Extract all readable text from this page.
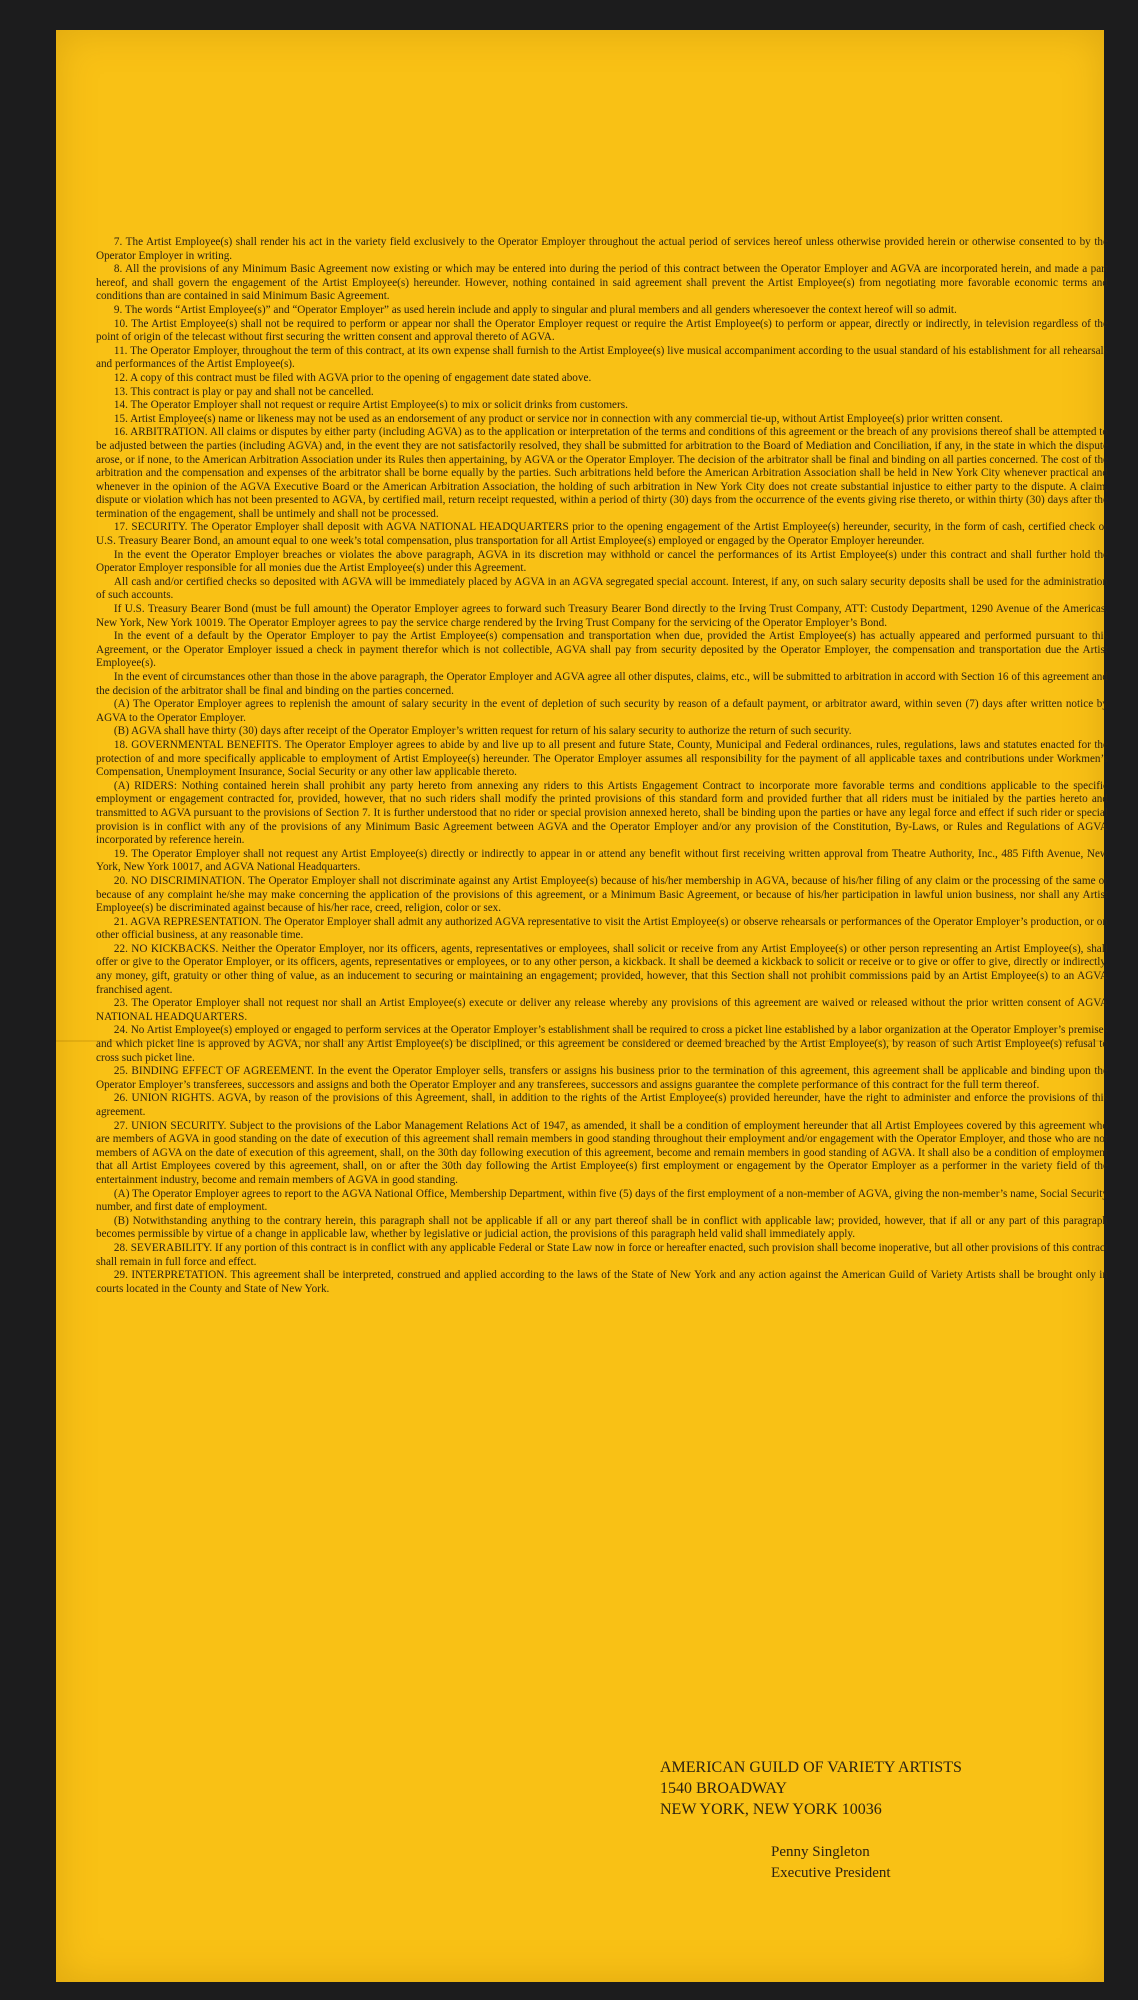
7. The Artist Employee(s) shall render his act in the variety field exclusively to the Operator Employer throughout the actual period of services hereof unless otherwise provided herein or otherwise consented to by the Operator Employer in writing.

8. All the provisions of any Minimum Basic Agreement now existing or which may be entered into during the period of this contract between the Operator Employer and AGVA are incorporated herein, and made a part hereof, and shall govern the engagement of the Artist Employee(s) hereunder. However, nothing contained in said agreement shall prevent the Artist Employee(s) from negotiating more favorable economic terms and conditions than are contained in said Minimum Basic Agreement.

9. The words “Artist Employee(s)” and “Operator Employer” as used herein include and apply to singular and plural members and all genders wheresoever the context hereof will so admit.

10. The Artist Employee(s) shall not be required to perform or appear nor shall the Operator Employer request or require the Artist Employee(s) to perform or appear, directly or indirectly, in television regardless of the point of origin of the telecast without first securing the written consent and approval thereto of AGVA.

11. The Operator Employer, throughout the term of this contract, at its own expense shall furnish to the Artist Employee(s) live musical accompaniment according to the usual standard of his establishment for all rehearsals and performances of the Artist Employee(s).

12. A copy of this contract must be filed with AGVA prior to the opening of engagement date stated above.

13. This contract is play or pay and shall not be cancelled.

14. The Operator Employer shall not request or require Artist Employee(s) to mix or solicit drinks from customers.

15. Artist Employee(s) name or likeness may not be used as an endorsement of any product or service nor in connection with any commercial tie-up, without Artist Employee(s) prior written consent.

16. ARBITRATION. All claims or disputes by either party (including AGVA) as to the application or interpretation of the terms and conditions of this agreement or the breach of any provisions thereof shall be attempted to be adjusted between the parties (including AGVA) and, in the event they are not satisfactorily resolved, they shall be submitted for arbitration to the Board of Mediation and Conciliation, if any, in the state in which the dispute arose, or if none, to the American Arbitration Association under its Rules then appertaining, by AGVA or the Operator Employer. The decision of the arbitrator shall be final and binding on all parties concerned. The cost of the arbitration and the compensation and expenses of the arbitrator shall be borne equally by the parties. Such arbitrations held before the American Arbitration Association shall be held in New York City whenever practical and whenever in the opinion of the AGVA Executive Board or the American Arbitration Association, the holding of such arbitration in New York City does not create substantial injustice to either party to the dispute. A claim, dispute or violation which has not been presented to AGVA, by certified mail, return receipt requested, within a period of thirty (30) days from the occurrence of the events giving rise thereto, or within thirty (30) days after the termination of the engagement, shall be untimely and shall not be processed.

17. SECURITY. The Operator Employer shall deposit with AGVA NATIONAL HEADQUARTERS prior to the opening engagement of the Artist Employee(s) hereunder, security, in the form of cash, certified check or U.S. Treasury Bearer Bond, an amount equal to one week’s total compensation, plus transportation for all Artist Employee(s) employed or engaged by the Operator Employer hereunder.

In the event the Operator Employer breaches or violates the above paragraph, AGVA in its discretion may withhold or cancel the performances of its Artist Employee(s) under this contract and shall further hold the Operator Employer responsible for all monies due the Artist Employee(s) under this Agreement.

All cash and/or certified checks so deposited with AGVA will be immediately placed by AGVA in an AGVA segregated special account. Interest, if any, on such salary security deposits shall be used for the administration of such accounts.

If U.S. Treasury Bearer Bond (must be full amount) the Operator Employer agrees to forward such Treasury Bearer Bond directly to the Irving Trust Company, ATT: Custody Department, 1290 Avenue of the Americas, New York, New York 10019. The Operator Employer agrees to pay the service charge rendered by the Irving Trust Company for the servicing of the Operator Employer’s Bond.

In the event of a default by the Operator Employer to pay the Artist Employee(s) compensation and transportation when due, provided the Artist Employee(s) has actually appeared and performed pursuant to this Agreement, or the Operator Employer issued a check in payment therefor which is not collectible, AGVA shall pay from security deposited by the Operator Employer, the compensation and transportation due the Artist Employee(s).

In the event of circumstances other than those in the above paragraph, the Operator Employer and AGVA agree all other disputes, claims, etc., will be submitted to arbitration in accord with Section 16 of this agreement and the decision of the arbitrator shall be final and binding on the parties concerned.

(A) The Operator Employer agrees to replenish the amount of salary security in the event of depletion of such security by reason of a default payment, or arbitrator award, within seven (7) days after written notice by AGVA to the Operator Employer.

(B) AGVA shall have thirty (30) days after receipt of the Operator Employer’s written request for return of his salary security to authorize the return of such security.

18. GOVERNMENTAL BENEFITS. The Operator Employer agrees to abide by and live up to all present and future State, County, Municipal and Federal ordinances, rules, regulations, laws and statutes enacted for the protection of and more specifically applicable to employment of Artist Employee(s) hereunder. The Operator Employer assumes all responsibility for the payment of all applicable taxes and contributions under Workmen’s Compensation, Unemployment Insurance, Social Security or any other law applicable thereto.

(A) RIDERS: Nothing contained herein shall prohibit any party hereto from annexing any riders to this Artists Engagement Contract to incorporate more favorable terms and conditions applicable to the specific employment or engagement contracted for, provided, however, that no such riders shall modify the printed provisions of this standard form and provided further that all riders must be initialed by the parties hereto and transmitted to AGVA pursuant to the provisions of Section 7. It is further understood that no rider or special provision annexed hereto, shall be binding upon the parties or have any legal force and effect if such rider or special provision is in conflict with any of the provisions of any Minimum Basic Agreement between AGVA and the Operator Employer and/or any provision of the Constitution, By-Laws, or Rules and Regulations of AGVA incorporated by reference herein.

19. The Operator Employer shall not request any Artist Employee(s) directly or indirectly to appear in or attend any benefit without first receiving written approval from Theatre Authority, Inc., 485 Fifth Avenue, New York, New York 10017, and AGVA National Headquarters.

20. NO DISCRIMINATION. The Operator Employer shall not discriminate against any Artist Employee(s) because of his/her membership in AGVA, because of his/her filing of any claim or the processing of the same or because of any complaint he/she may make concerning the application of the provisions of this agreement, or a Minimum Basic Agreement, or because of his/her participation in lawful union business, nor shall any Artist Employee(s) be discriminated against because of his/her race, creed, religion, color or sex.

21. AGVA REPRESENTATION. The Operator Employer shall admit any authorized AGVA representative to visit the Artist Employee(s) or observe rehearsals or performances of the Operator Employer’s production, or on other official business, at any reasonable time.

22. NO KICKBACKS. Neither the Operator Employer, nor its officers, agents, representatives or employees, shall solicit or receive from any Artist Employee(s) or other person representing an Artist Employee(s), shall offer or give to the Operator Employer, or its officers, agents, representatives or employees, or to any other person, a kickback. It shall be deemed a kickback to solicit or receive or to give or offer to give, directly or indirectly, any money, gift, gratuity or other thing of value, as an inducement to securing or maintaining an engagement; provided, however, that this Section shall not prohibit commissions paid by an Artist Employee(s) to an AGVA franchised agent.

23. The Operator Employer shall not request nor shall an Artist Employee(s) execute or deliver any release whereby any provisions of this agreement are waived or released without the prior written consent of AGVA NATIONAL HEADQUARTERS.

24. No Artist Employee(s) employed or engaged to perform services at the Operator Employer’s establishment shall be required to cross a picket line established by a labor organization at the Operator Employer’s premises and which picket line is approved by AGVA, nor shall any Artist Employee(s) be disciplined, or this agreement be considered or deemed breached by the Artist Employee(s), by reason of such Artist Employee(s) refusal to cross such picket line.

25. BINDING EFFECT OF AGREEMENT. In the event the Operator Employer sells, transfers or assigns his business prior to the termination of this agreement, this agreement shall be applicable and binding upon the Operator Employer’s transferees, successors and assigns and both the Operator Employer and any transferees, successors and assigns guarantee the complete performance of this contract for the full term thereof.

26. UNION RIGHTS. AGVA, by reason of the provisions of this Agreement, shall, in addition to the rights of the Artist Employee(s) provided hereunder, have the right to administer and enforce the provisions of this agreement.

27. UNION SECURITY. Subject to the provisions of the Labor Management Relations Act of 1947, as amended, it shall be a condition of employment hereunder that all Artist Employees covered by this agreement who are members of AGVA in good standing on the date of execution of this agreement shall remain members in good standing throughout their employment and/or engagement with the Operator Employer, and those who are not members of AGVA on the date of execution of this agreement, shall, on the 30th day following execution of this agreement, become and remain members in good standing of AGVA. It shall also be a condition of employment that all Artist Employees covered by this agreement, shall, on or after the 30th day following the Artist Employee(s) first employment or engagement by the Operator Employer as a performer in the variety field of the entertainment industry, become and remain members of AGVA in good standing.

(A) The Operator Employer agrees to report to the AGVA National Office, Membership Department, within five (5) days of the first employment of a non-member of AGVA, giving the non-member’s name, Social Security number, and first date of employment.

(B) Notwithstanding anything to the contrary herein, this paragraph shall not be applicable if all or any part thereof shall be in conflict with applicable law; provided, however, that if all or any part of this paragraph becomes permissible by virtue of a change in applicable law, whether by legislative or judicial action, the provisions of this paragraph held valid shall immediately apply.

28. SEVERABILITY. If any portion of this contract is in conflict with any applicable Federal or State Law now in force or hereafter enacted, such provision shall become inoperative, but all other provisions of this contract shall remain in full force and effect.

29. INTERPRETATION. This agreement shall be interpreted, construed and applied according to the laws of the State of New York and any action against the American Guild of Variety Artists shall be brought only in courts located in the County and State of New York.

AMERICAN GUILD OF VARIETY ARTISTS
1540 BROADWAY
NEW YORK, NEW YORK 10036
Penny Singleton
Executive President
